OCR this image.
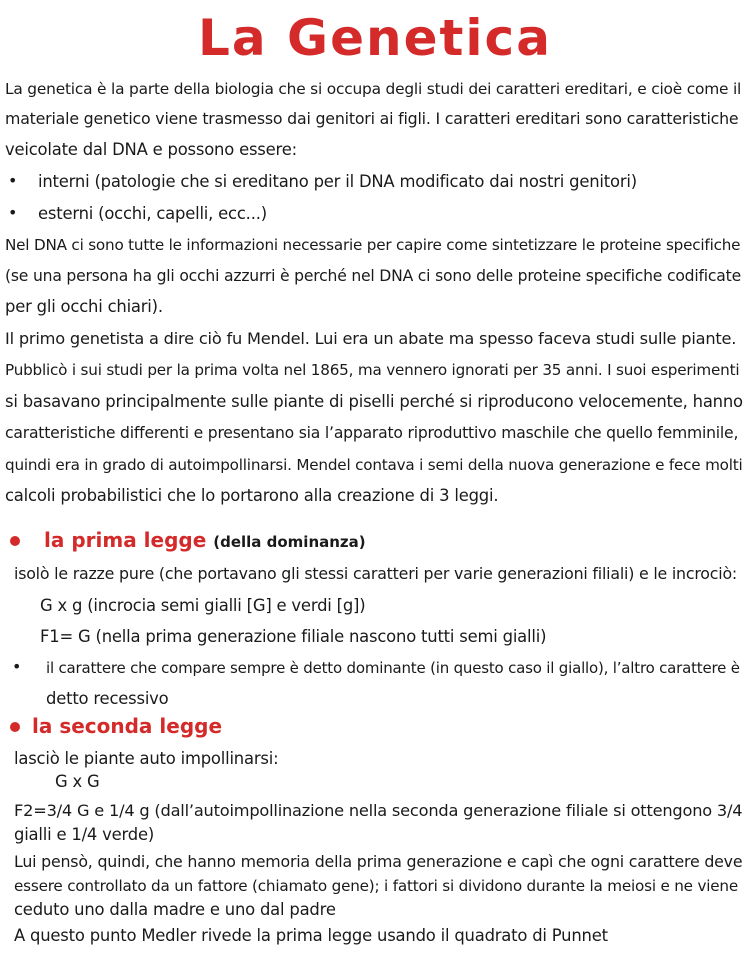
La Genetica
La genetica è la parte della biologia che si occupa degli studi dei caratteri ereditari, e cioè come il
materiale genetico viene trasmesso dai genitori ai figli. I caratteri ereditari sono caratteristiche
veicolate dal DNA e possono essere:
• interni (patologie che si ereditano per il DNA modificato dai nostri genitori)
• esterni (occhi, capelli, ecc...)
Nel DNA ci sono tutte le informazioni necessarie per capire come sintetizzare le proteine specifiche
(se una persona ha gli occhi azzurri è perché nel DNA ci sono delle proteine specifiche codificate
per gli occhi chiari).
Il primo genetista a dire ciò fu Mendel. Lui era un abate ma spesso faceva studi sulle piante.
Pubblicò i sui studi per la prima volta nel 1865, ma vennero ignorati per 35 anni. I suoi esperimenti
si basavano principalmente sulle piante di piselli perché si riproducono velocemente, hanno
caratteristiche differenti e presentano sia l’apparato riproduttivo maschile che quello femminile,
quindi era in grado di autoimpollinarsi. Mendel contava i semi della nuova generazione e fece molti
calcoli probabilistici che lo portarono alla creazione di 3 leggi.
la prima legge (della dominanza)
isolò le razze pure (che portavano gli stessi caratteri per varie generazioni filiali) e le incrociò:
G x g (incrocia semi gialli [G] e verdi [g])
F1= G (nella prima generazione filiale nascono tutti semi gialli)
• il carattere che compare sempre è detto dominante (in questo caso il giallo), l’altro carattere è
detto recessivo
la seconda legge
lasciò le piante auto impollinarsi:
G x G
F2=3/4 G e 1/4 g (dall’autoimpollinazione nella seconda generazione filiale si ottengono 3/4
gialli e 1/4 verde)
Lui pensò, quindi, che hanno memoria della prima generazione e capì che ogni carattere deve
essere controllato da un fattore (chiamato gene); i fattori si dividono durante la meiosi e ne viene
ceduto uno dalla madre e uno dal padre
A questo punto Medler rivede la prima legge usando il quadrato di Punnet
